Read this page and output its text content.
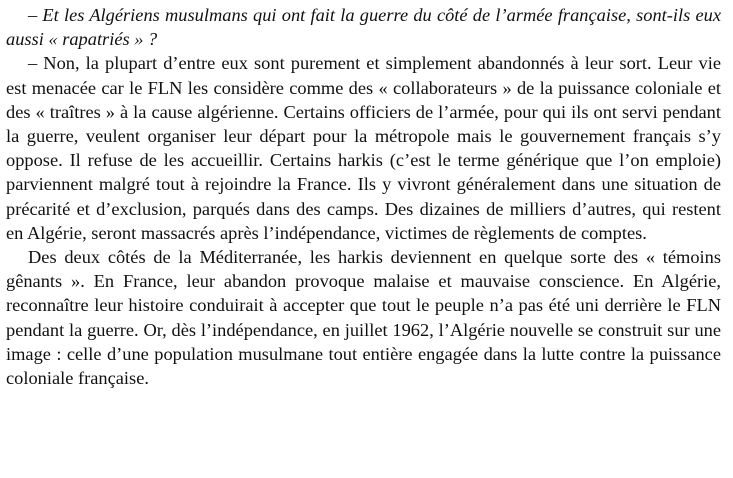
– Et les Algériens musulmans qui ont fait la guerre du côté de l’armée française, sont-ils eux aussi « rapatriés » ?

– Non, la plupart d’entre eux sont purement et simplement abandonnés à leur sort. Leur vie est menacée car le FLN les considère comme des « collaborateurs » de la puissance coloniale et des « traîtres » à la cause algérienne. Certains officiers de l’armée, pour qui ils ont servi pendant la guerre, veulent organiser leur départ pour la métropole mais le gouvernement français s’y oppose. Il refuse de les accueillir. Certains harkis (c’est le terme générique que l’on emploie) parviennent malgré tout à rejoindre la France. Ils y vivront généralement dans une situation de précarité et d’exclusion, parqués dans des camps. Des dizaines de milliers d’autres, qui restent en Algérie, seront massacrés après l’indépendance, victimes de règlements de comptes.

Des deux côtés de la Méditerranée, les harkis deviennent en quelque sorte des « témoins gênants ». En France, leur abandon provoque malaise et mauvaise conscience. En Algérie, reconnaître leur histoire conduirait à accepter que tout le peuple n’a pas été uni derrière le FLN pendant la guerre. Or, dès l’indépendance, en juillet 1962, l’Algérie nouvelle se construit sur une image : celle d’une population musulmane tout entière engagée dans la lutte contre la puissance coloniale française.
